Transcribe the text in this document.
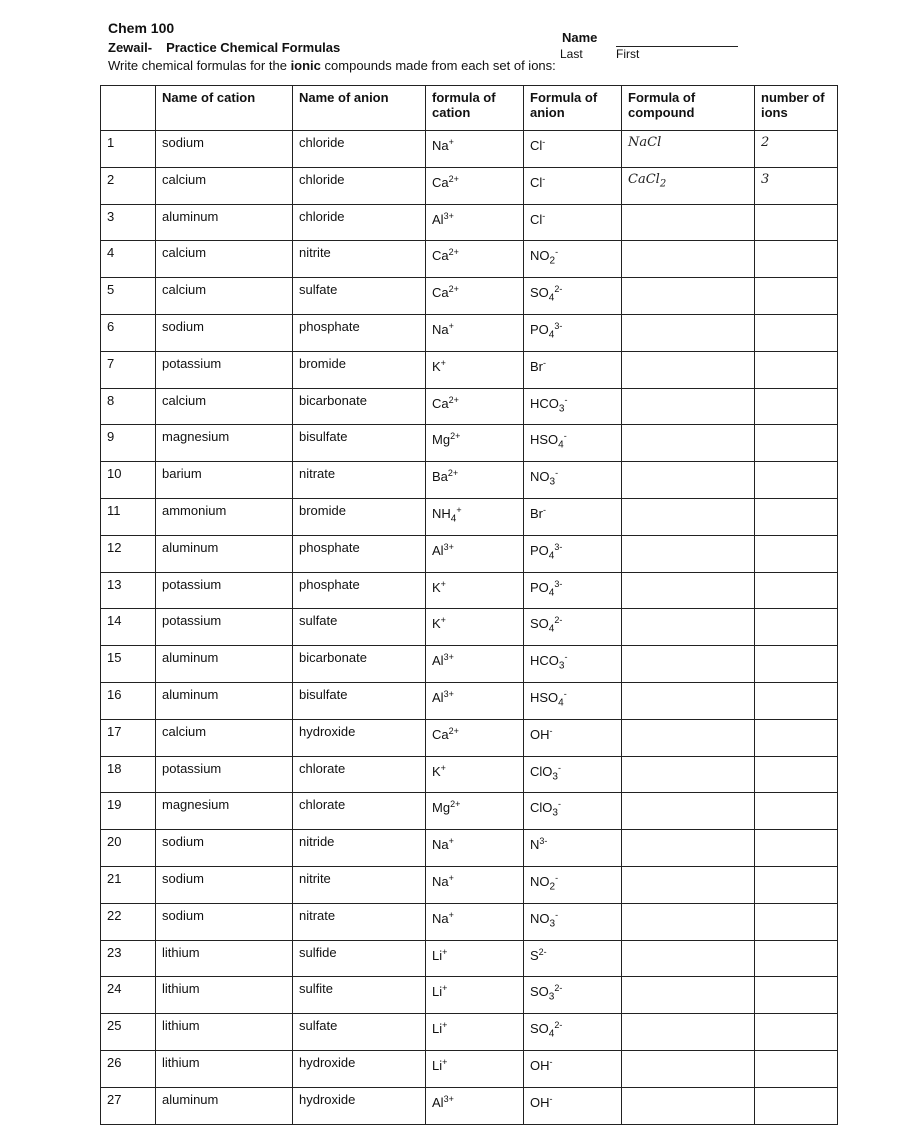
Chem 100
Zewail- Practice Chemical Formulas
Write chemical formulas for the ionic compounds made from each set of ions:
Name
Last	First
	Name of cation	Name of anion	formula of cation	Formula of anion	Formula of compound	number of ions
1	sodium	chloride	Na+	Cl-	NaCl	2
2	calcium	chloride	$Ca^{2+}$	Cl-	CaCl$_2$	3
3	aluminum	chloride	$Al^{3+}$	Cl-		
4	calcium	nitrite	$Ca^{2+}$	$NO_2^-$		
5	calcium	sulfate	$Ca^{2+}$	$SO_4^{2-}$		
6	sodium	phosphate	Na+	$PO_4^{3-}$		
7	potassium	bromide	K+	Br-		
8	calcium	bicarbonate	$Ca^{2+}$	$HCO_3^-$		
9	magnesium	bisulfate	$Mg^{2+}$	$HSO_4^-$		
10	barium	nitrate	$Ba^{2+}$	$NO_3^-$		
11	ammonium	bromide	$NH_4^+$	Br-		
12	aluminum	phosphate	$Al^{3+}$	$PO_4^{3-}$		
13	potassium	phosphate	K+	$PO_4^{3-}$		
14	potassium	sulfate	K+	$SO_4^{2-}$		
15	aluminum	bicarbonate	$Al^{3+}$	$HCO_3^-$		
16	aluminum	bisulfate	$Al^{3+}$	$HSO_4^-$		
17	calcium	hydroxide	$Ca^{2+}$	OH-		
18	potassium	chlorate	K+	ClO$_3$-		
19	magnesium	chlorate	$Mg^{2+}$	ClO$_3$-		
20	sodium	nitride	Na+	$N^{3-}$		
21	sodium	nitrite	Na+	$NO_2^-$		
22	sodium	nitrate	Na+	$NO_3^-$		
23	lithium	sulfide	Li+	$S^{2-}$		
24	lithium	sulfite	Li+	$SO_3^{2-}$		
25	lithium	sulfate	Li+	$SO_4^{2-}$		
26	lithium	hydroxide	Li+	OH-		
27	aluminum	hydroxide	$Al^{3+}$	OH-		
